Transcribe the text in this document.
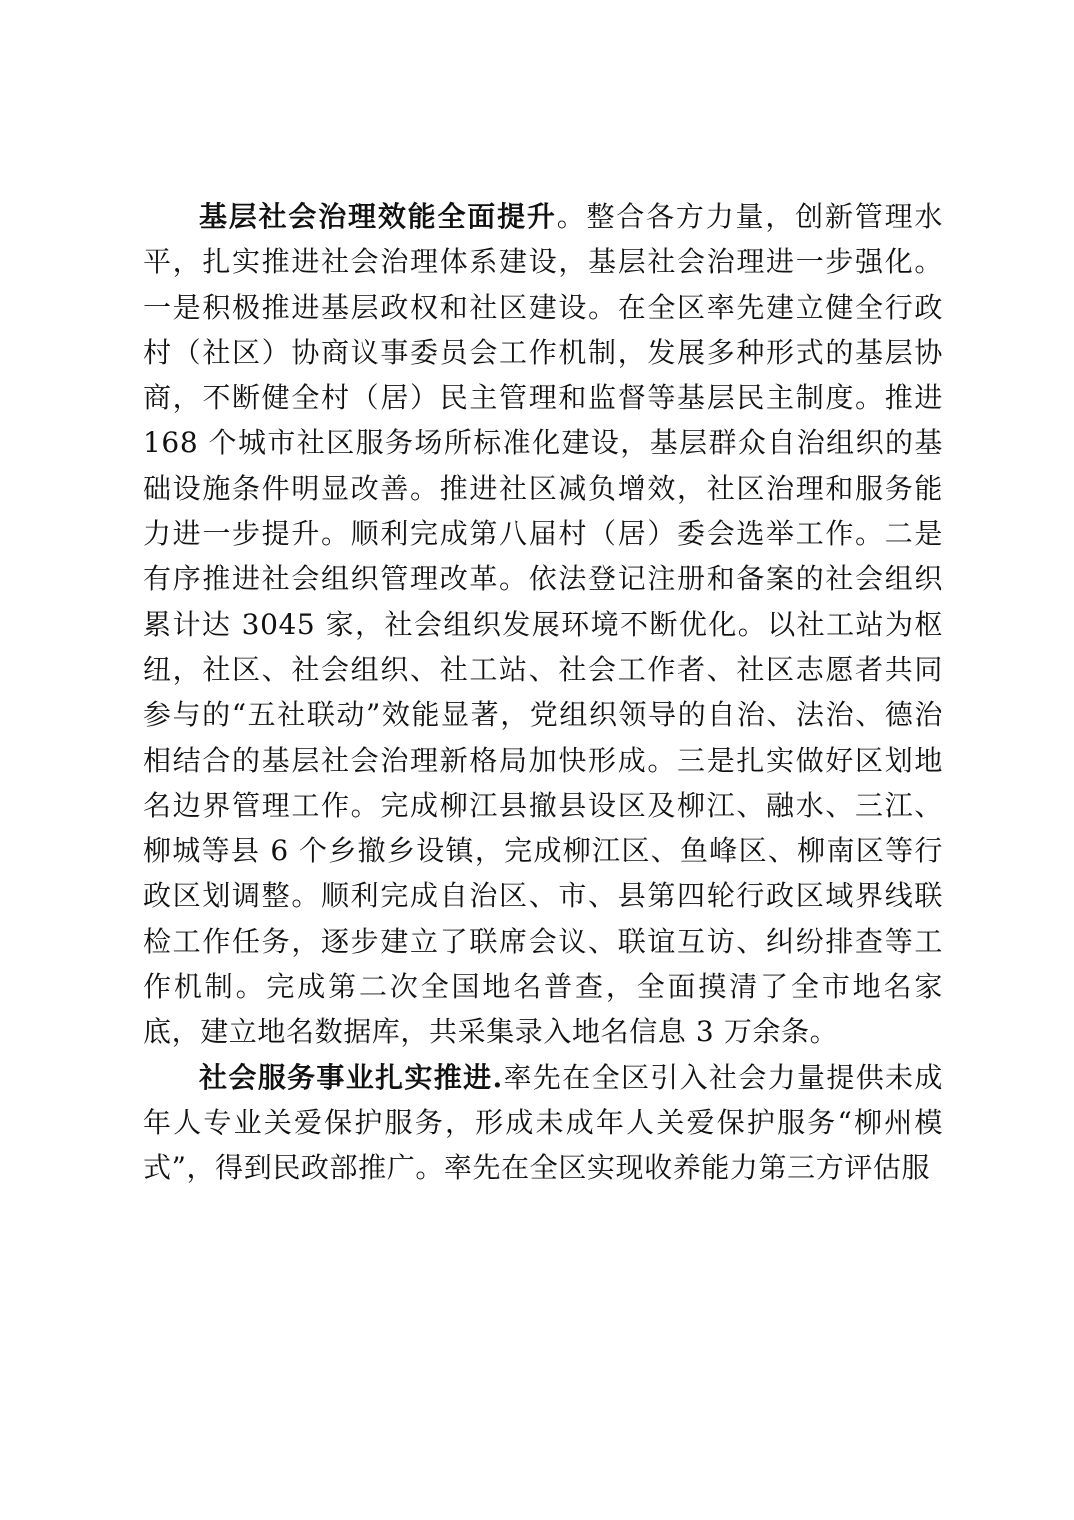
基层社会治理效能全面提升。整合各方力量，创新管理水平，扎实推进社会治理体系建设，基层社会治理进一步强化。一是积极推进基层政权和社区建设。在全区率先建立健全行政村（社区）协商议事委员会工作机制，发展多种形式的基层协商，不断健全村（居）民主管理和监督等基层民主制度。推进 168 个城市社区服务场所标准化建设，基层群众自治组织的基础设施条件明显改善。推进社区减负增效，社区治理和服务能力进一步提升。顺利完成第八届村（居）委会选举工作。二是有序推进社会组织管理改革。依法登记注册和备案的社会组织累计达 3045 家，社会组织发展环境不断优化。以社工站为枢纽，社区、社会组织、社工站、社会工作者、社区志愿者共同参与的“五社联动”效能显著，党组织领导的自治、法治、德治相结合的基层社会治理新格局加快形成。三是扎实做好区划地名边界管理工作。完成柳江县撤县设区及柳江、融水、三江、柳城等县 6 个乡撤乡设镇，完成柳江区、鱼峰区、柳南区等行政区划调整。顺利完成自治区、市、县第四轮行政区域界线联检工作任务，逐步建立了联席会议、联谊互访、纠纷排查等工作机制。完成第二次全国地名普查，全面摸清了全市地名家底，建立地名数据库，共采集录入地名信息 3 万余条。

社会服务事业扎实推进.率先在全区引入社会力量提供未成年人专业关爱保护服务，形成未成年人关爱保护服务“柳州模式”，得到民政部推广。率先在全区实现收养能力第三方评估服
